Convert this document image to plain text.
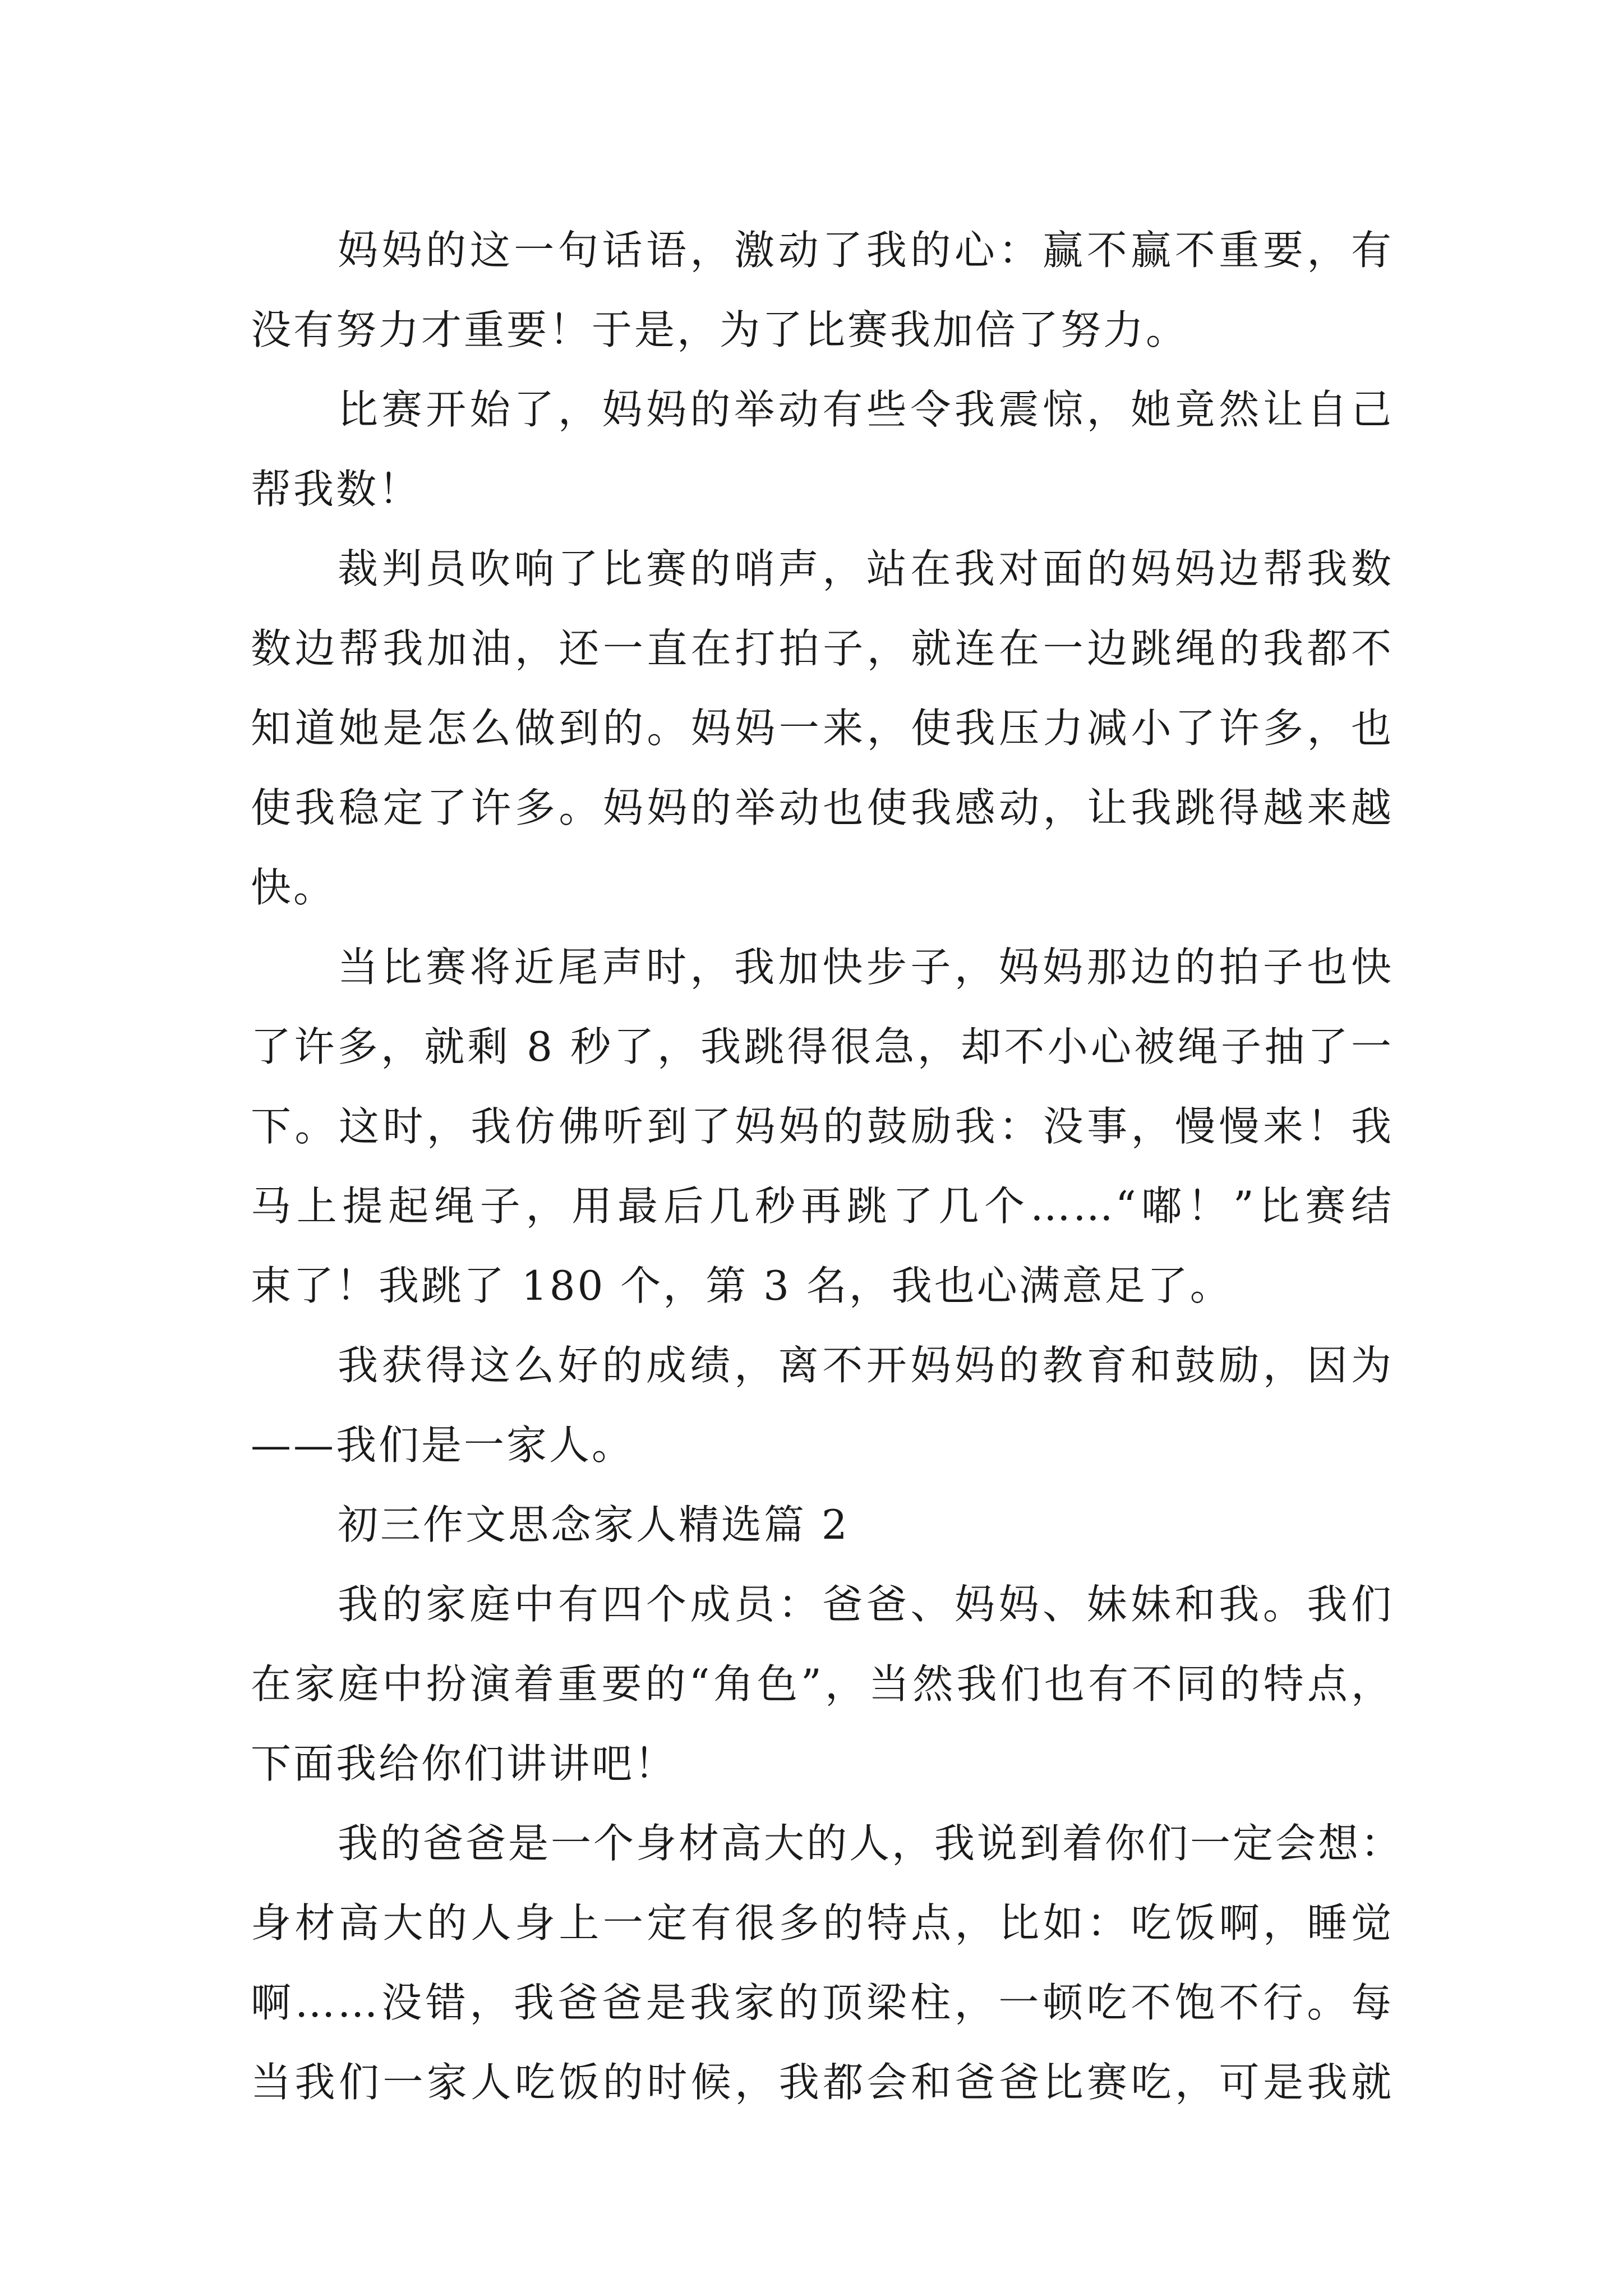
妈妈的这一句话语，激动了我的心：赢不赢不重要，有
没有努力才重要！于是，为了比赛我加倍了努力。
比赛开始了，妈妈的举动有些令我震惊，她竟然让自己
帮我数！
裁判员吹响了比赛的哨声，站在我对面的妈妈边帮我数
数边帮我加油，还一直在打拍子，就连在一边跳绳的我都不
知道她是怎么做到的。妈妈一来，使我压力减小了许多，也
使我稳定了许多。妈妈的举动也使我感动，让我跳得越来越
快。
当比赛将近尾声时，我加快步子，妈妈那边的拍子也快
了许多，就剩 8 秒了，我跳得很急，却不小心被绳子抽了一
下。这时，我仿佛听到了妈妈的鼓励我：没事，慢慢来！我
马上提起绳子，用最后几秒再跳了几个……“嘟！”比赛结
束了！我跳了 180 个，第 3 名，我也心满意足了。
我获得这么好的成绩，离不开妈妈的教育和鼓励，因为
——我们是一家人。
初三作文思念家人精选篇 2
我的家庭中有四个成员：爸爸、妈妈、妹妹和我。我们
在家庭中扮演着重要的“角色”，当然我们也有不同的特点，
下面我给你们讲讲吧！
我的爸爸是一个身材高大的人，我说到着你们一定会想：
身材高大的人身上一定有很多的特点，比如：吃饭啊，睡觉
啊……没错，我爸爸是我家的顶梁柱，一顿吃不饱不行。每
当我们一家人吃饭的时候，我都会和爸爸比赛吃，可是我就
